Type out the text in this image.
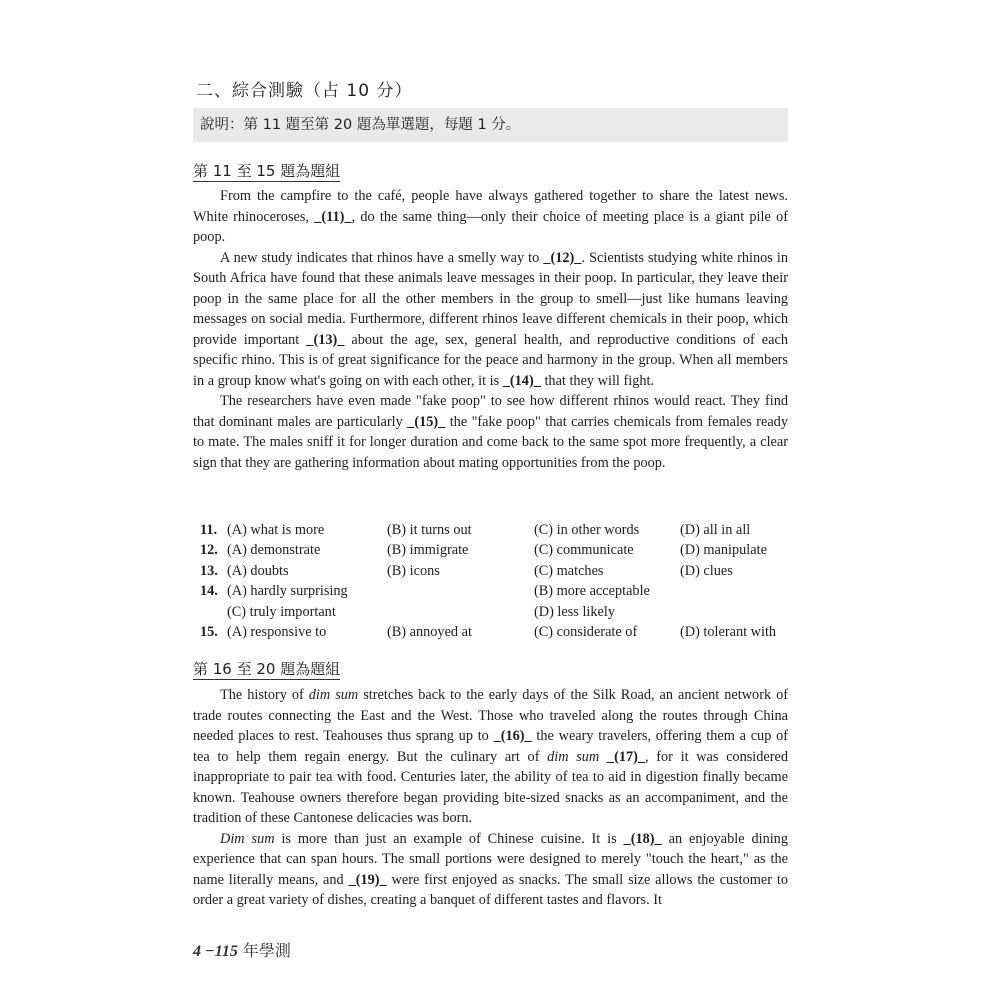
二、綜合測驗（占 10 分）
說明：第 11 題至第 20 題為單選題，每題 1 分。
第 11 至 15 題為題組

From the campfire to the café, people have always gathered together to share the latest news. White rhinoceroses, _(11)_, do the same thing—only their choice of meeting place is a giant pile of poop.

A new study indicates that rhinos have a smelly way to _(12)_. Scientists studying white rhinos in South Africa have found that these animals leave messages in their poop. In particular, they leave their poop in the same place for all the other members in the group to smell—just like humans leaving messages on social media. Furthermore, different rhinos leave different chemicals in their poop, which provide important _(13)_ about the age, sex, general health, and reproductive conditions of each specific rhino. This is of great significance for the peace and harmony in the group. When all members in a group know what's going on with each other, it is _(14)_ that they will fight.

The researchers have even made "fake poop" to see how different rhinos would react. They find that dominant males are particularly _(15)_ the "fake poop" that carries chemicals from females ready to mate. The males sniff it for longer duration and come back to the same spot more frequently, a clear sign that they are gathering information about mating opportunities from the poop.

11. (A) what is more	(B) it turns out	(C) in other words	(D) all in all
12. (A) demonstrate	(B) immigrate	(C) communicate	(D) manipulate
13. (A) doubts	(B) icons	(C) matches	(D) clues
14. (A) hardly surprising	(B) more acceptable
(C) truly important	(D) less likely
15. (A) responsive to	(B) annoyed at	(C) considerate of	(D) tolerant with
第 16 至 20 題為題組

The history of dim sum stretches back to the early days of the Silk Road, an ancient network of trade routes connecting the East and the West. Those who traveled along the routes through China needed places to rest. Teahouses thus sprang up to _(16)_ the weary travelers, offering them a cup of tea to help them regain energy. But the culinary art of dim sum _(17)_, for it was considered inappropriate to pair tea with food. Centuries later, the ability of tea to aid in digestion finally became known. Teahouse owners therefore began providing bite-sized snacks as an accompaniment, and the tradition of these Cantonese delicacies was born.

Dim sum is more than just an example of Chinese cuisine. It is _(18)_ an enjoyable dining experience that can span hours. The small portions were designed to merely "touch the heart," as the name literally means, and _(19)_ were first enjoyed as snacks. The small size allows the customer to order a great variety of dishes, creating a banquet of different tastes and flavors. It

4 −115 年學測
